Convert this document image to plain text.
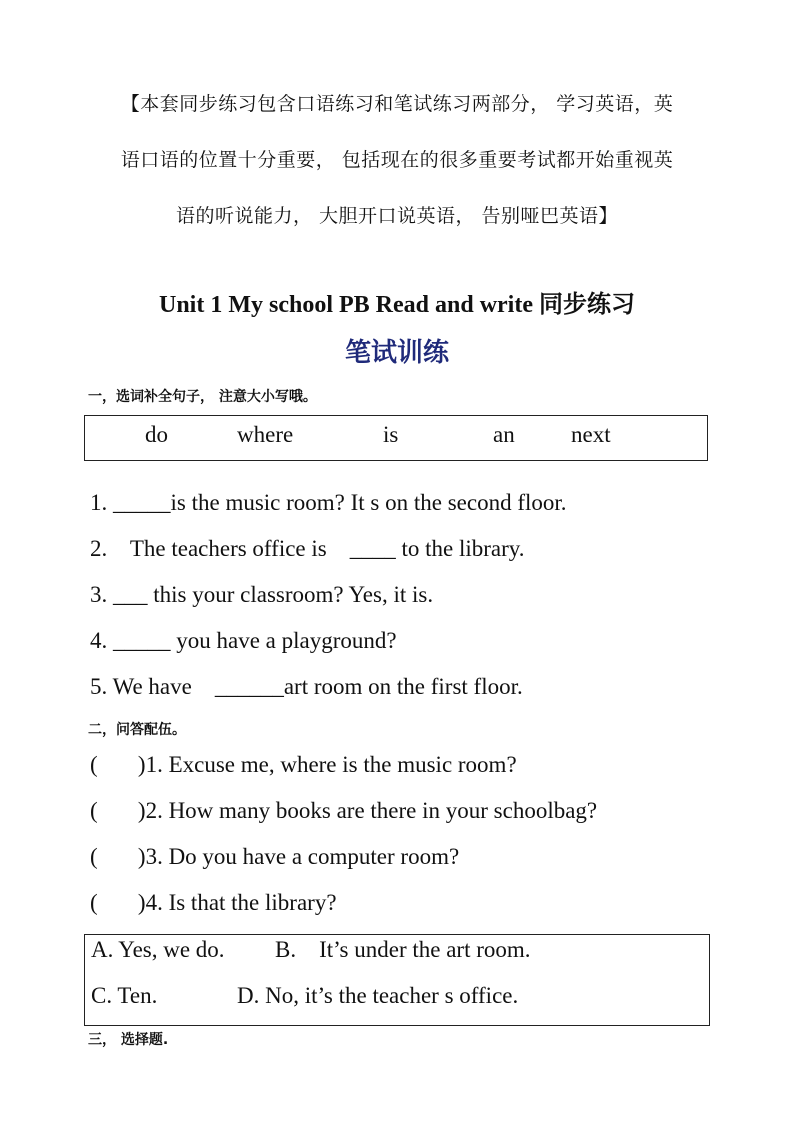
【本套同步练习包含口语练习和笔试练习两部分， 学习英语，英
语口语的位置十分重要， 包括现在的很多重要考试都开始重视英
语的听说能力， 大胆开口说英语， 告别哑巴英语】
Unit 1 My school PB Read and write 同步练习
笔试训练
一，选词补全句子， 注意大小写哦。
do	where	is	an next
1. _____is the music room? It s on the second floor.
2.    The teachers office is    ____ to the library.
3. ___ this your classroom? Yes, it is.
4. _____ you have a playground?
5. We have    ______art room on the first floor.
二，问答配伍。
(       )1. Excuse me, where is the music room?
(       )2. How many books are there in your schoolbag?
(       )3. Do you have a computer room?
(       )4. Is that the library?
A. Yes, we do. B.    It’s under the art room.
C. Ten.	D. No, it’s the teacher s office.
三， 选择题.
